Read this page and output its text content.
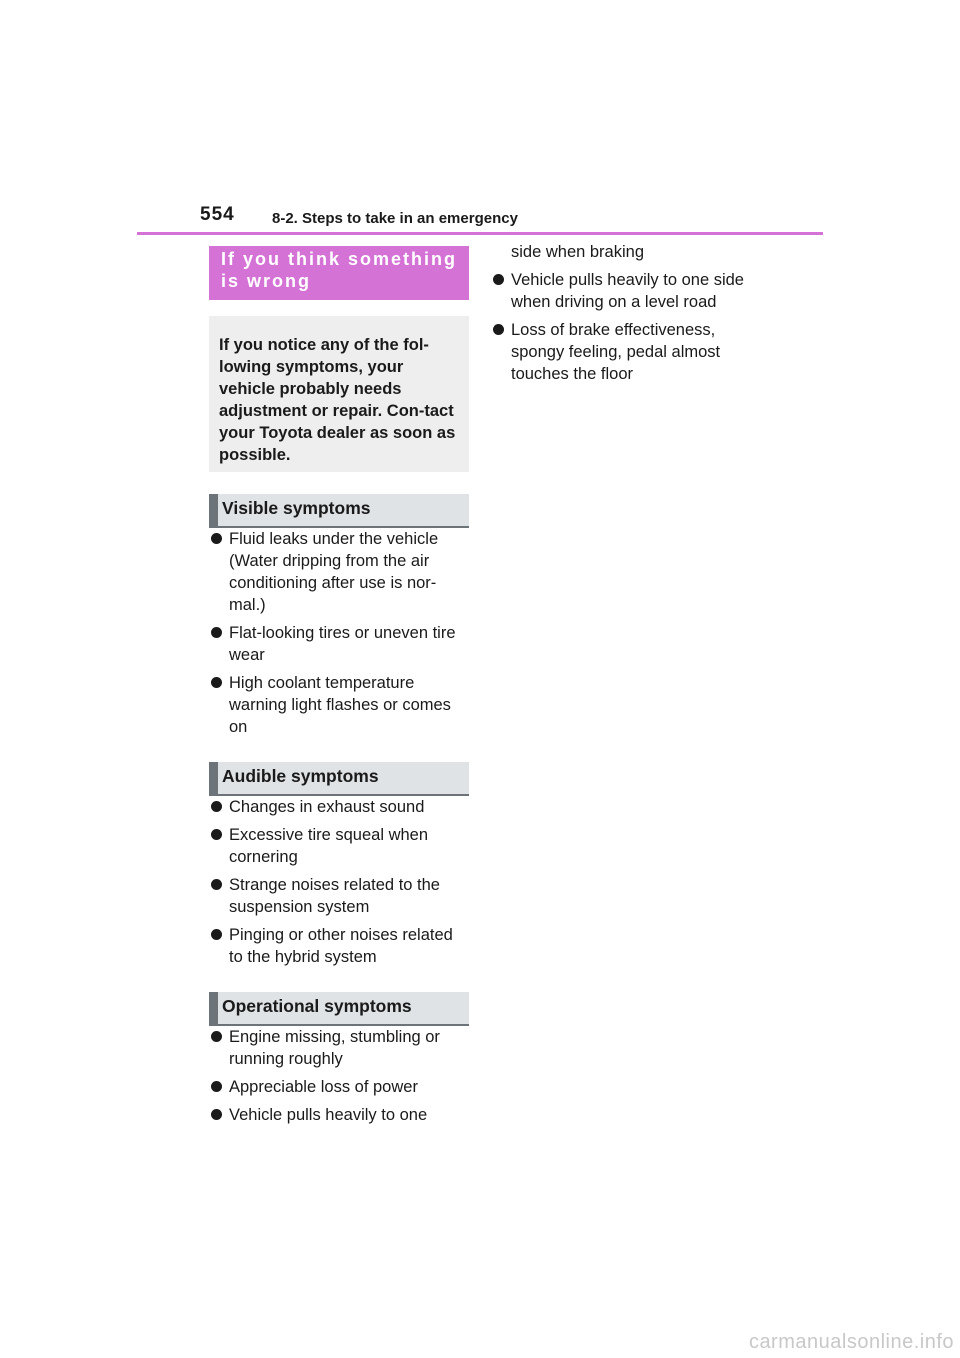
554 8-2. Steps to take in an emergency
If you think something is wrong
If you notice any of the fol-lowing symptoms, your vehicle probably needs adjustment or repair. Con-tact your Toyota dealer as soon as possible.
Visible symptoms
Fluid leaks under the vehicle (Water dripping from the air conditioning after use is nor-mal.)
Flat-looking tires or uneven tire wear
High coolant temperature warning light flashes or comes on
Audible symptoms
Changes in exhaust sound
Excessive tire squeal when cornering
Strange noises related to the suspension system
Pinging or other noises related to the hybrid system
Operational symptoms
Engine missing, stumbling or running roughly
Appreciable loss of power
Vehicle pulls heavily to one
side when braking
Vehicle pulls heavily to one side when driving on a level road
Loss of brake effectiveness, spongy feeling, pedal almost touches the floor
carmanualsonline.info
